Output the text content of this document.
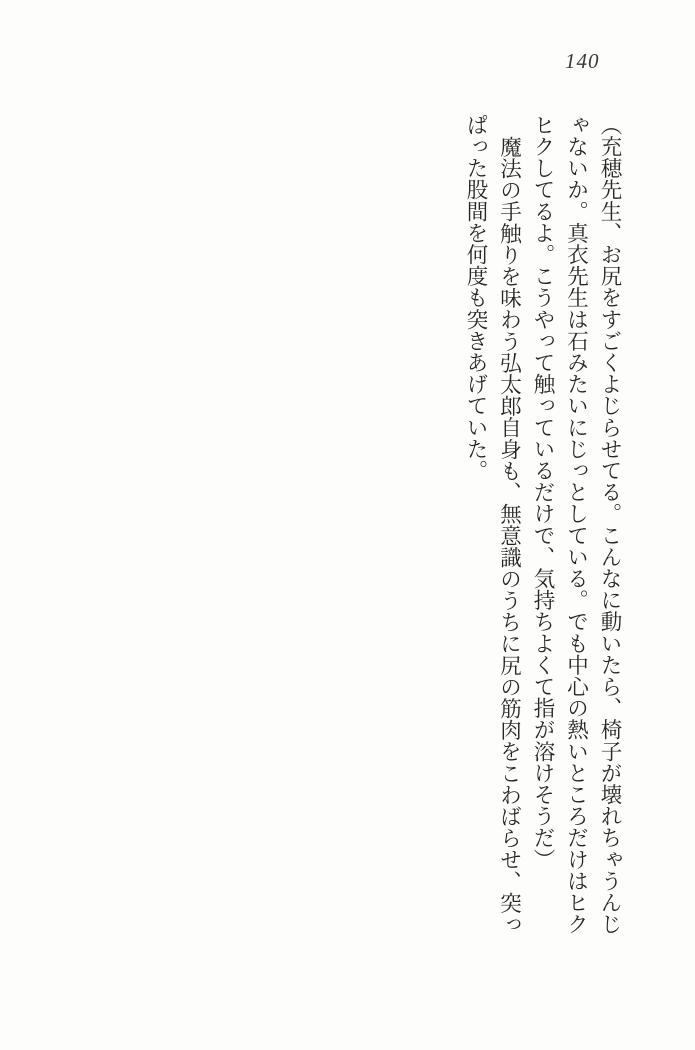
140
（充穂先生、お尻をすごくよじらせてる。こんなに動いたら、椅子が壊れちゃうんじ
ゃないか。真衣先生は石みたいにじっとしている。でも中心の熱いところだけはヒク
ヒクしてるよ。こうやって触っているだけで、気持ちよくて指が溶けそうだ）
魔法の手触りを味わう弘太郎自身も、無意識のうちに尻の筋肉をこわばらせ、突っ
ぱった股間を何度も突きあげていた。
